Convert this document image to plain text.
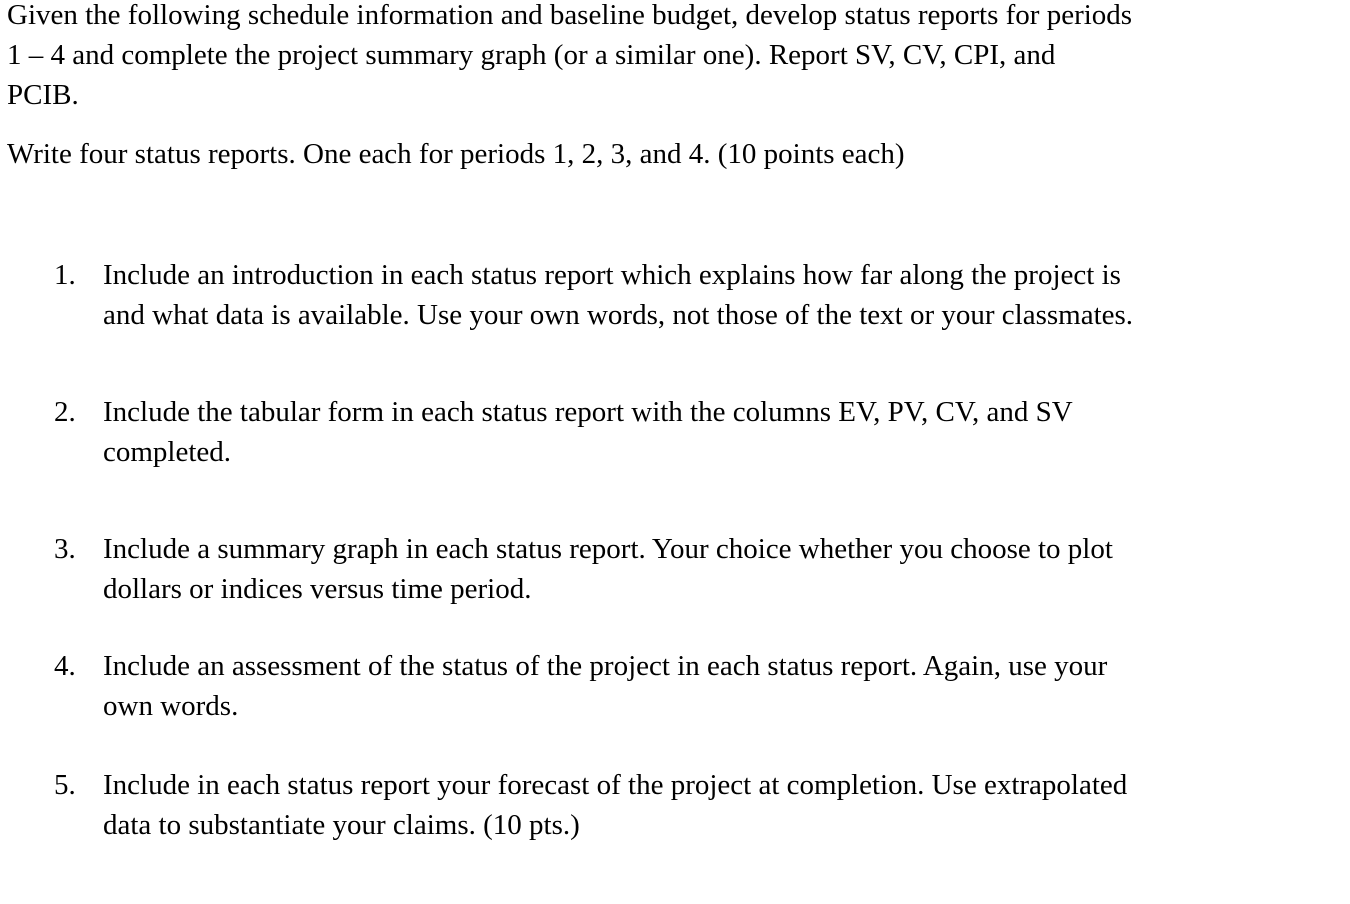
Given the following schedule information and baseline budget, develop status reports for periods
1 – 4 and complete the project summary graph (or a similar one). Report SV, CV, CPI, and
PCIB.

Write four status reports. One each for periods 1, 2, 3, and 4. (10 points each)

1. Include an introduction in each status report which explains how far along the project is
and what data is available. Use your own words, not those of the text or your classmates.
2. Include the tabular form in each status report with the columns EV, PV, CV, and SV
completed.
3. Include a summary graph in each status report. Your choice whether you choose to plot
dollars or indices versus time period.
4. Include an assessment of the status of the project in each status report. Again, use your
own words.
5. Include in each status report your forecast of the project at completion. Use extrapolated
data to substantiate your claims. (10 pts.)
